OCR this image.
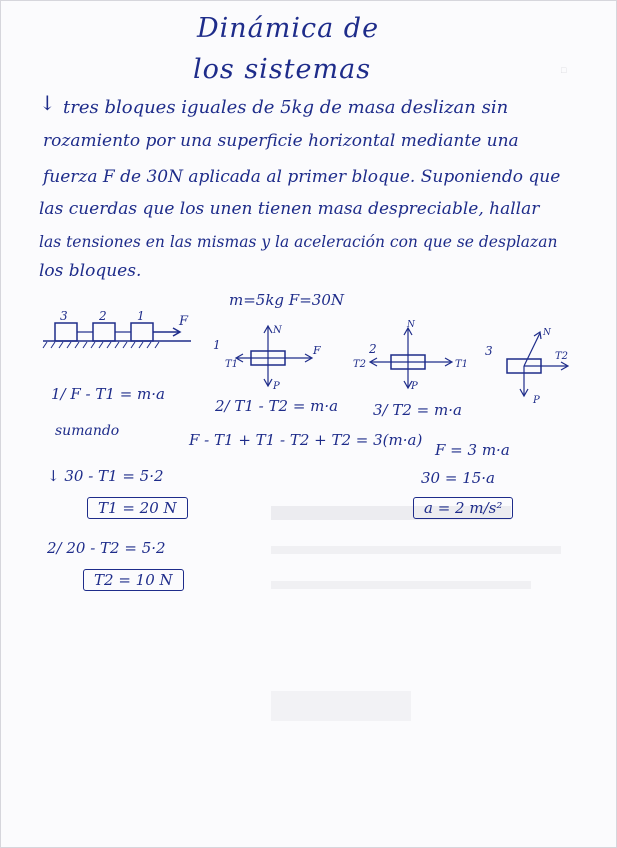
□
Dinámica de
los sistemas
↓ tres bloques iguales de 5kg de masa deslizan sin
rozamiento por una superficie horizontal mediante una
fuerza F de 30N aplicada al primer bloque. Suponiendo que
las cuerdas que los unen tienen masa despreciable, hallar
las tensiones en las mismas y la aceleración con que se desplazan
los bloques.
m=5kg F=30N
3	2	1	F
1
N
P
T1
F	2
N
P
T2	T1
3
N
P
T2
1/ F - T1 = m·a
2/ T1 - T2 = m·a 3/ T2 = m·a
sumando	F - T1 + T1 - T2 + T2 = 3(m·a)
F = 3 m·a
30 = 15·a
a = 2 m/s²
↓ 30 - T1 = 5·2
T1 = 20 N
2/ 20 - T2 = 5·2
T2 = 10 N
